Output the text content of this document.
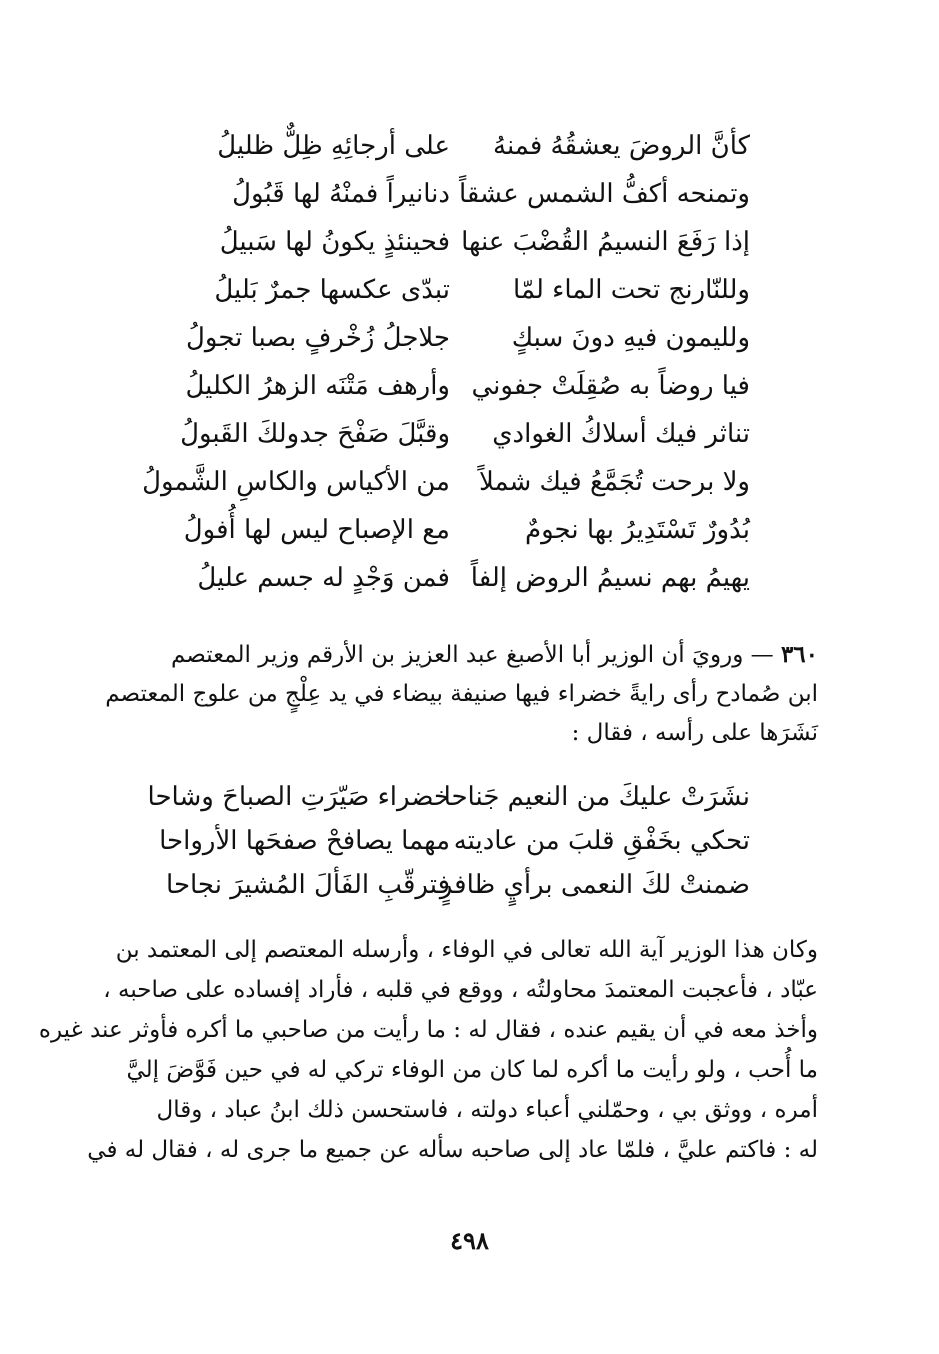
كأنَّ الروضَ يعشقُهُ فمنهُ
على أرجائِهِ ظِلٌّ ظليلُ
وتمنحه أكفُّ الشمس عشقاً
دنانيراً فمنْهُ لها قَبُولُ
إذا رَفَعَ النسيمُ القُضْبَ عنها
فحينئذٍ يكونُ لها سَبيلُ
وللنّارنج تحت الماء لمّا
تبدّى عكسها جمرٌ بَليلُ
ولليمون فيهِ دونَ سبكٍ
جلاجلُ زُخْرفٍ بصبا تجولُ
فيا روضاً به صُقِلَتْ جفوني
وأرهف مَتْنَه الزهرُ الكليلُ
تناثر فيك أسلاكُ الغوادي
وقبَّلَ صَفْحَ جدولكَ القَبولُ
ولا برحت تُجَمَّعُ فيك شملاً
من الأكياس والكاسِ الشَّمولُ
بُدُورٌ تَسْتَدِيرُ بها نجومٌ
مع الإصباح ليس لها أُفولُ
يهيمُ بهم نسيمُ الروض إلفاً
فمن وَجْدٍ له جسم عليلُ
٣٦٠ — ورويَ أن الوزير أبا الأصبغ عبد العزيز بن الأرقم وزير المعتصم
ابن صُمادح رأى رايةً خضراء فيها صنيفة بيضاء في يد عِلْجٍ من علوج المعتصم
نَشَرَها على رأسه ، فقال :
نشَرَتْ عليكَ من النعيم جَناحا
خضراء صَيّرَتِ الصباحَ وشاحا
تحكي بخَفْقِ قلبَ من عاديته
مهما يصافحْ صفحَها الأرواحا
ضمنتْ لكَ النعمى برأيٍ ظافرٍ
فترقّبِ الفَألَ المُشيرَ نجاحا
وكان هذا الوزير آية الله تعالى في الوفاء ، وأرسله المعتصم إلى المعتمد بن
عبّاد ، فأعجبت المعتمدَ محاولتُه ، ووقع في قلبه ، فأراد إفساده على صاحبه ،
وأخذ معه في أن يقيم عنده ، فقال له : ما رأيت من صاحبي ما أكره فأوثر عند غيره
ما أُحب ، ولو رأيت ما أكره لما كان من الوفاء تركي له في حين فَوَّضَ إليَّ
أمره ، ووثق بي ، وحمّلني أعباء دولته ، فاستحسن ذلك ابنُ عباد ، وقال
له : فاكتم عليَّ ، فلمّا عاد إلى صاحبه سأله عن جميع ما جرى له ، فقال له في
٤٩٨
